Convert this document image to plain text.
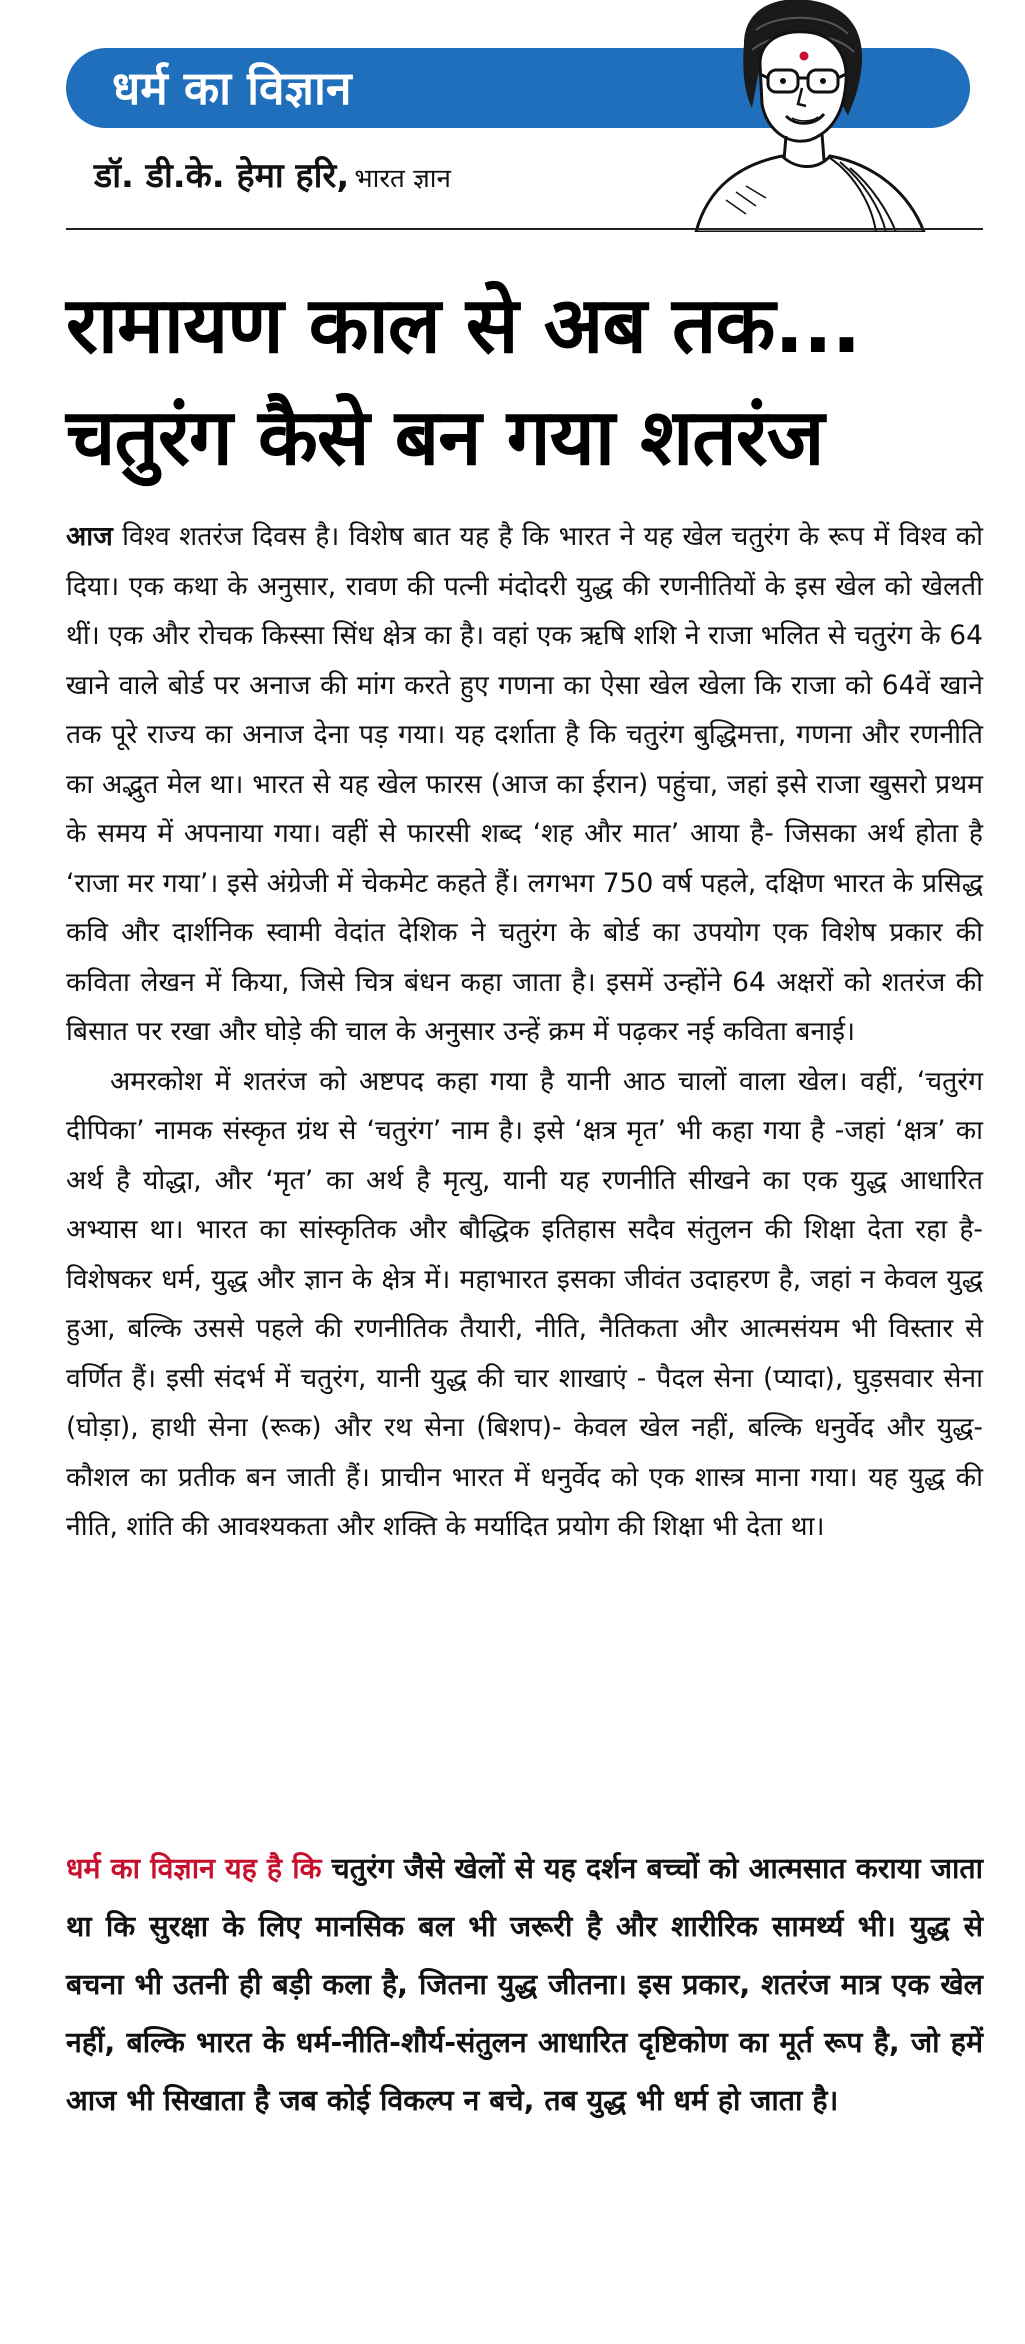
धर्म का विज्ञान
डॉ. डी.के. हेमा हरि, भारत ज्ञान
रामायण काल से अब तक...
चतुरंग कैसे बन गया शतरंज

आज विश्व शतरंज दिवस है। विशेष बात यह है कि भारत ने यह खेल चतुरंग के रूप में विश्व को दिया। एक कथा के अनुसार, रावण की पत्नी मंदोदरी युद्ध की रणनीतियों के इस खेल को खेलती थीं। एक और रोचक किस्सा सिंध क्षेत्र का है। वहां एक ऋषि शशि ने राजा भलित से चतुरंग के 64 खाने वाले बोर्ड पर अनाज की मांग करते हुए गणना का ऐसा खेल खेला कि राजा को 64वें खाने तक पूरे राज्य का अनाज देना पड़ गया। यह दर्शाता है कि चतुरंग बुद्धिमत्ता, गणना और रणनीति का अद्भुत मेल था। भारत से यह खेल फारस (आज का ईरान) पहुंचा, जहां इसे राजा खुसरो प्रथम के समय में अपनाया गया। वहीं से फारसी शब्द ‘शह और मात’ आया है- जिसका अर्थ होता है ‘राजा मर गया’। इसे अंग्रेजी में चेकमेट कहते हैं। लगभग 750 वर्ष पहले, दक्षिण भारत के प्रसिद्ध कवि और दार्शनिक स्वामी वेदांत देशिक ने चतुरंग के बोर्ड का उपयोग एक विशेष प्रकार की कविता लेखन में किया, जिसे चित्र बंधन कहा जाता है। इसमें उन्होंने 64 अक्षरों को शतरंज की बिसात पर रखा और घोड़े की चाल के अनुसार उन्हें क्रम में पढ़कर नई कविता बनाई।

अमरकोश में शतरंज को अष्टपद कहा गया है यानी आठ चालों वाला खेल। वहीं, ‘चतुरंग दीपिका’ नामक संस्कृत ग्रंथ से ‘चतुरंग’ नाम है। इसे ‘क्षत्र मृत’ भी कहा गया है -जहां ‘क्षत्र’ का अर्थ है योद्धा, और ‘मृत’ का अर्थ है मृत्यु, यानी यह रणनीति सीखने का एक युद्ध आधारित अभ्यास था। भारत का सांस्कृतिक और बौद्धिक इतिहास सदैव संतुलन की शिक्षा देता रहा है- विशेषकर धर्म, युद्ध और ज्ञान के क्षेत्र में। महाभारत इसका जीवंत उदाहरण है, जहां न केवल युद्ध हुआ, बल्कि उससे पहले की रणनीतिक तैयारी, नीति, नैतिकता और आत्मसंयम भी विस्तार से वर्णित हैं। इसी संदर्भ में चतुरंग, यानी युद्ध की चार शाखाएं - पैदल सेना (प्यादा), घुड़सवार सेना (घोड़ा), हाथी सेना (रूक) और रथ सेना (बिशप)- केवल खेल नहीं, बल्कि धनुर्वेद और युद्ध-कौशल का प्रतीक बन जाती हैं। प्राचीन भारत में धनुर्वेद को एक शास्त्र माना गया। यह युद्ध की नीति, शांति की आवश्यकता और शक्ति के मर्यादित प्रयोग की शिक्षा भी देता था।

धर्म का विज्ञान यह है कि चतुरंग जैसे खेलों से यह दर्शन बच्चों को आत्मसात कराया जाता था कि सुरक्षा के लिए मानसिक बल भी जरूरी है और शारीरिक सामर्थ्य भी। युद्ध से बचना भी उतनी ही बड़ी कला है, जितना युद्ध जीतना। इस प्रकार, शतरंज मात्र एक खेल नहीं, बल्कि भारत के धर्म-नीति-शौर्य-संतुलन आधारित दृष्टिकोण का मूर्त रूप है, जो हमें आज भी सिखाता है जब कोई विकल्प न बचे, तब युद्ध भी धर्म हो जाता है।
